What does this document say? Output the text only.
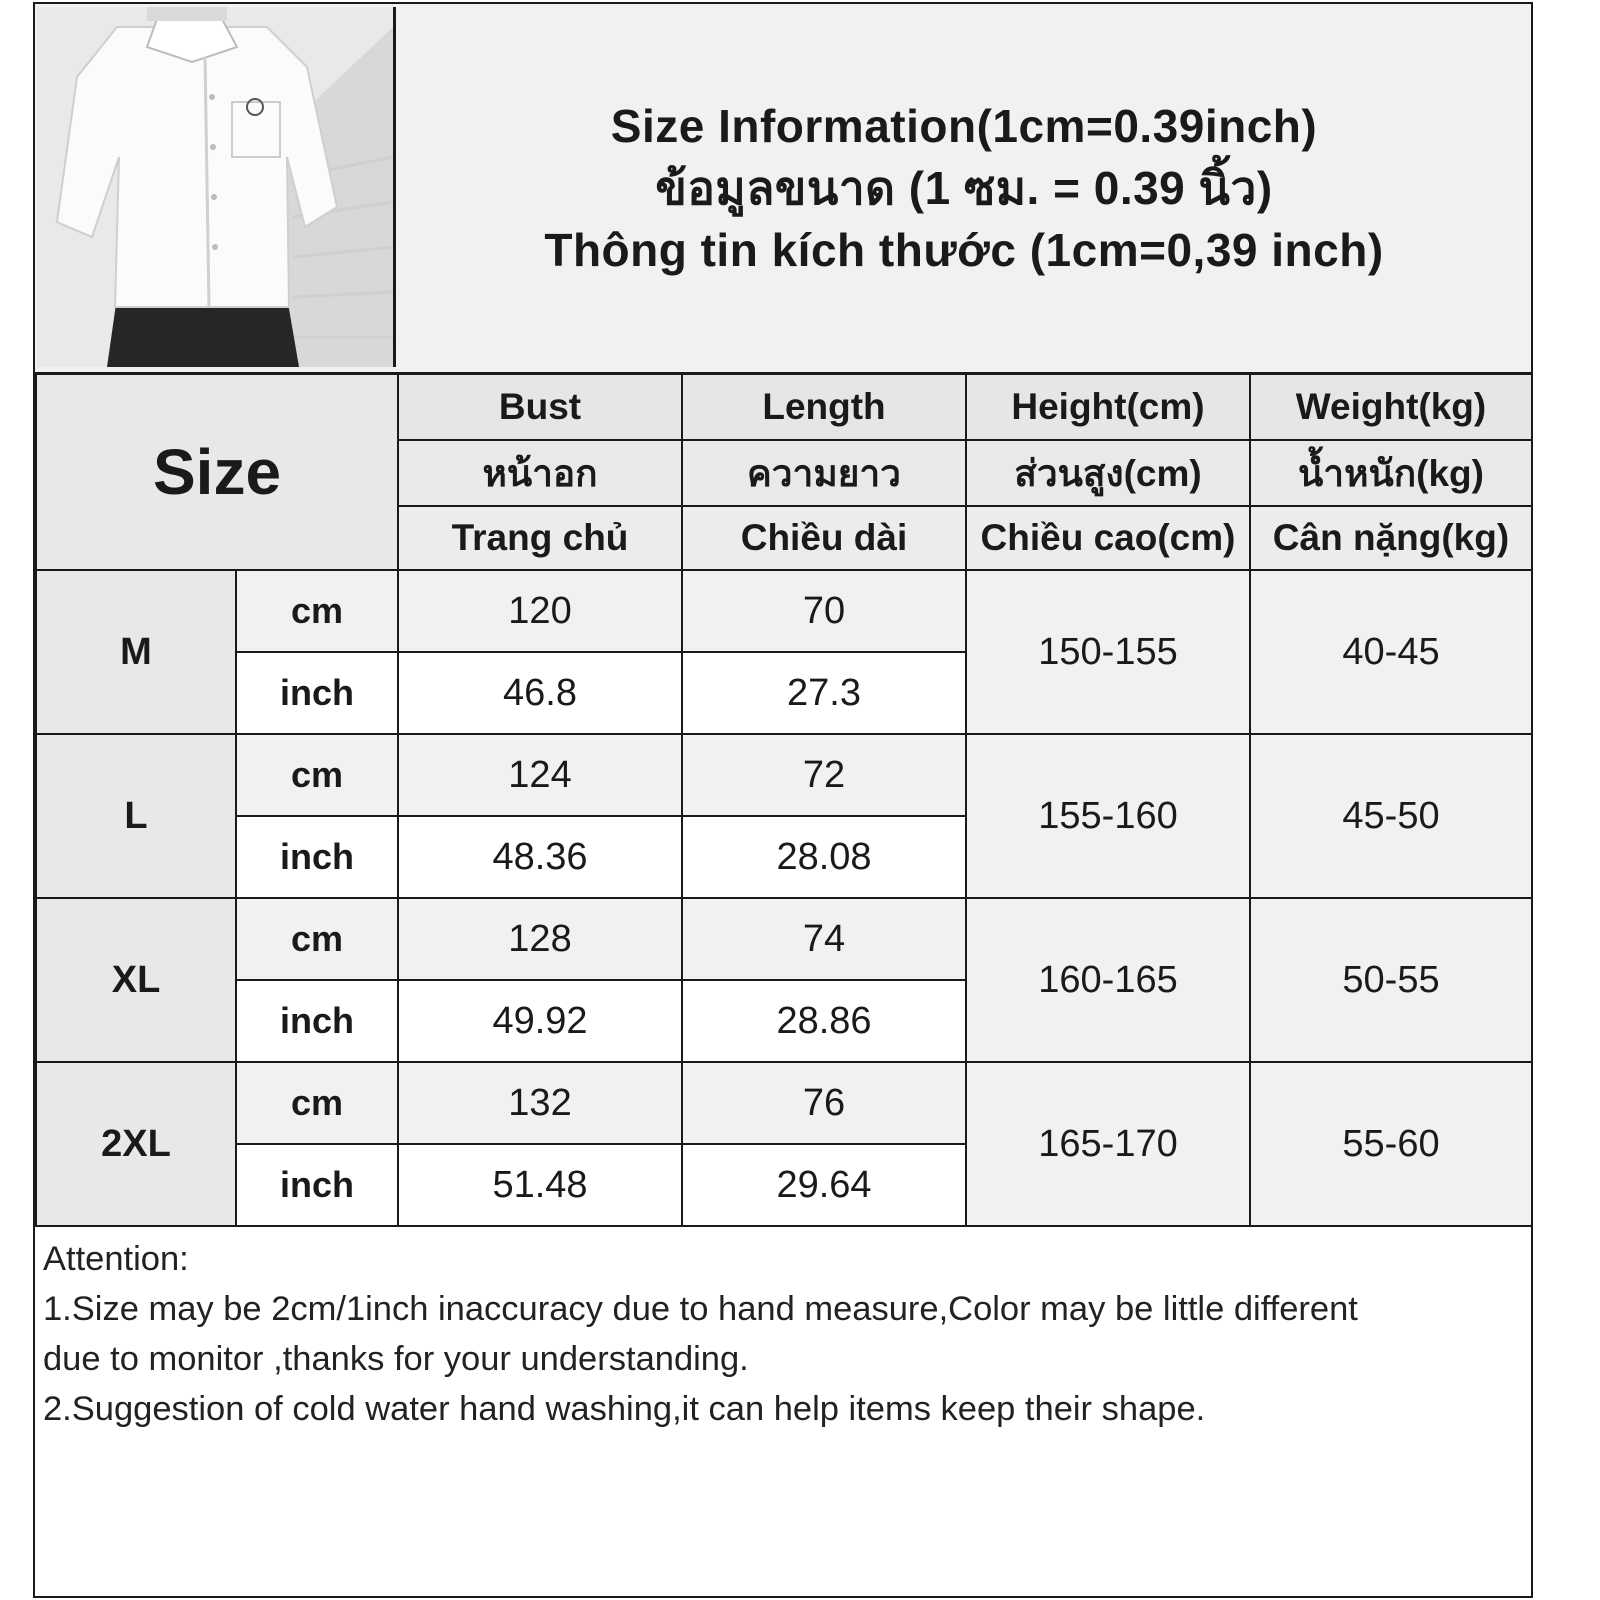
Size Information(1cm=0.39inch)
ข้อมูลขนาด (1 ซม. = 0.39 นิ้ว)
Thông tin kích thước (1cm=0,39 inch)
Size		Bust	Length	Height(cm)	Weight(kg)
		หน้าอก	ความยาว	ส่วนสูง(cm)	น้ำหนัก(kg)
		Trang chủ	Chiều dài	Chiều cao(cm)	Cân nặng(kg)
M	cm	120	70	150-155	40-45
	inch	46.8	27.3		
L	cm	124	72	155-160	45-50
	inch	48.36	28.08		
XL	cm	128	74	160-165	50-55
	inch	49.92	28.86		
2XL	cm	132	76	165-170	55-60
	inch	51.48	29.64		
Attention:
1.Size may be 2cm/1inch inaccuracy due to hand measure,Color may be little different
due to monitor ,thanks for your understanding.
2.Suggestion of cold water hand washing,it can help items keep their shape.
